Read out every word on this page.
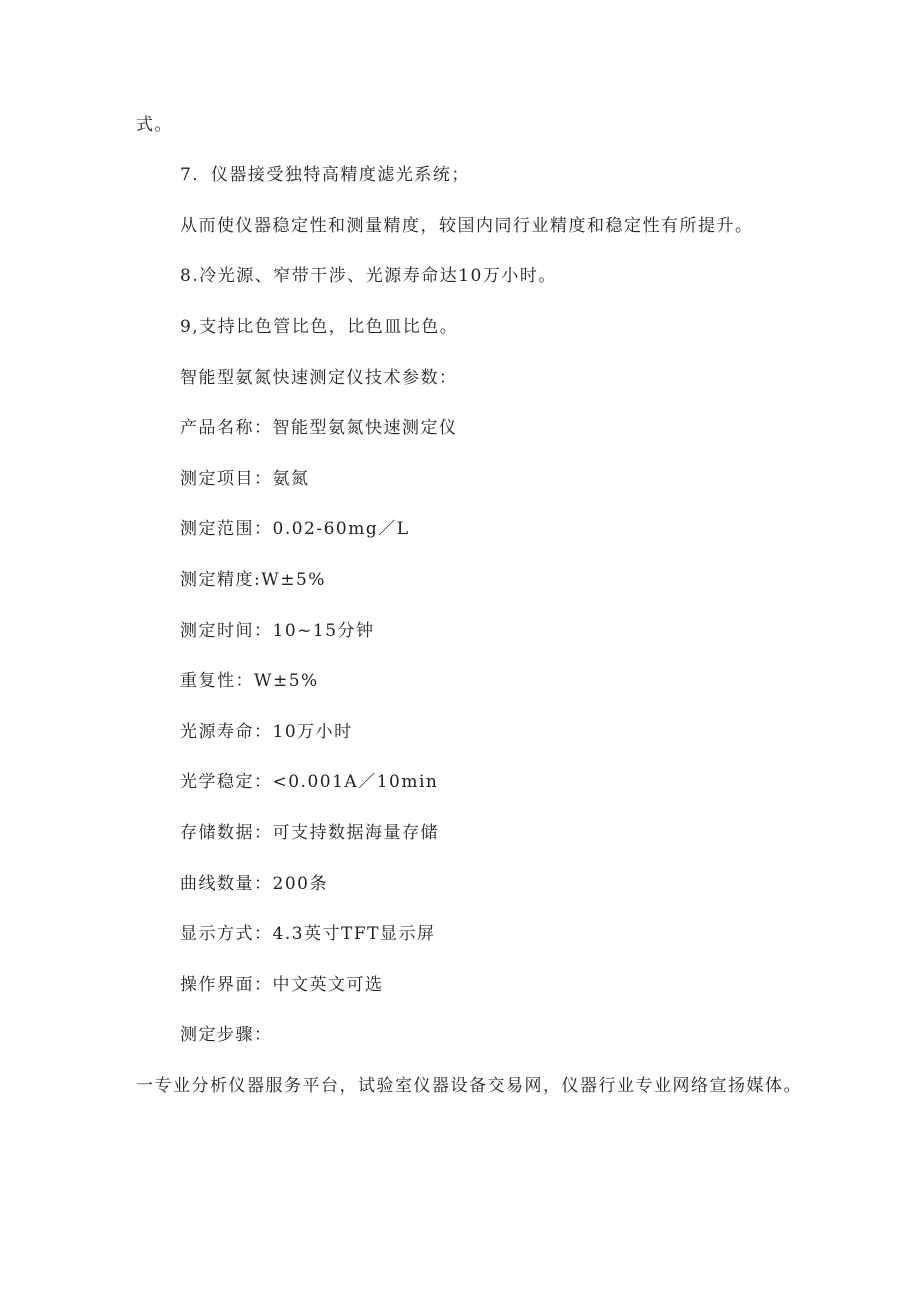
式。
7．仪器接受独特高精度滤光系统；
从而使仪器稳定性和测量精度，较国内同行业精度和稳定性有所提升。
8.冷光源、窄带干涉、光源寿命达10万小时。
9,支持比色管比色，比色皿比色。
智能型氨氮快速测定仪技术参数：
产品名称：智能型氨氮快速测定仪
测定项目：氨氮
测定范围：0.02-60mg／L
测定精度:W±5%
测定时间：10~15分钟
重复性：W±5%
光源寿命：10万小时
光学稳定：<0.001A／10min
存储数据：可支持数据海量存储
曲线数量：200条
显示方式：4.3英寸TFT显示屏
操作界面：中文英文可选
测定步骤：
一专业分析仪器服务平台，试验室仪器设备交易网，仪器行业专业网络宣扬媒体。
